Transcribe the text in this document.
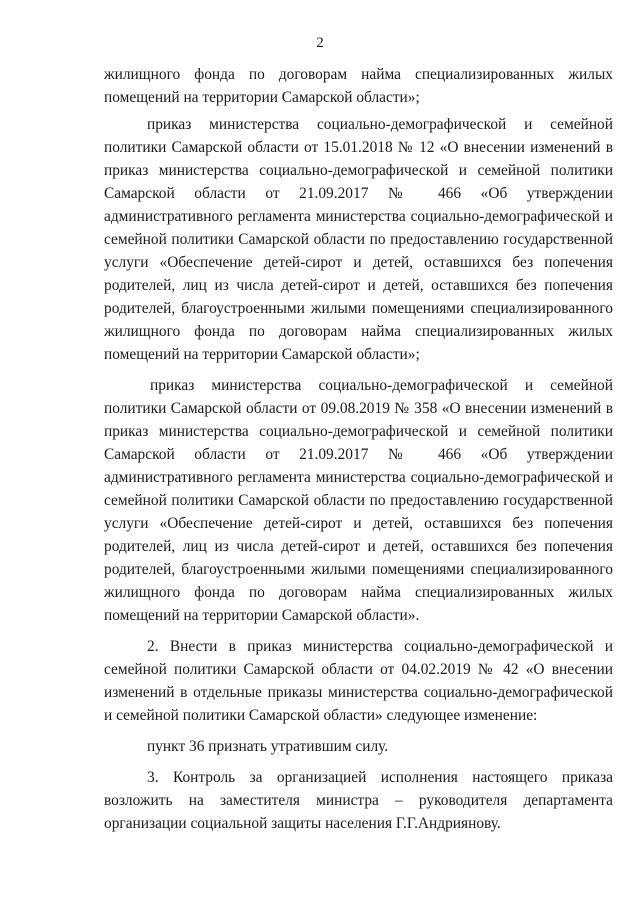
2

жилищного фонда по договорам найма специализированных жилых помещений на территории Самарской области»;

приказ министерства социально-демографической и семейной политики Самарской области от 15.01.2018 № 12 «О внесении изменений в приказ министерства социально-демографической и семейной политики Самарской области от 21.09.2017 № 466 «Об утверждении административного регламента министерства социально-демографической и семейной политики Самарской области по предоставлению государственной услуги «Обеспечение детей-сирот и детей, оставшихся без попечения родителей, лиц из числа детей-сирот и детей, оставшихся без попечения родителей, благоустроенными жилыми помещениями специализированного жилищного фонда по договорам найма специализированных жилых помещений на территории Самарской области»;

приказ министерства социально-демографической и семейной политики Самарской области от 09.08.2019 № 358 «О внесении изменений в приказ министерства социально-демографической и семейной политики Самарской области от 21.09.2017 № 466 «Об утверждении административного регламента министерства социально-демографической и семейной политики Самарской области по предоставлению государственной услуги «Обеспечение детей-сирот и детей, оставшихся без попечения родителей, лиц из числа детей-сирот и детей, оставшихся без попечения родителей, благоустроенными жилыми помещениями специализированного жилищного фонда по договорам найма специализированных жилых помещений на территории Самарской области».

2. Внести в приказ министерства социально-демографической и семейной политики Самарской области от 04.02.2019 № 42 «О внесении изменений в отдельные приказы министерства социально-демографической и семейной политики Самарской области» следующее изменение:

пункт 36 признать утратившим силу.

3. Контроль за организацией исполнения настоящего приказа возложить на заместителя министра – руководителя департамента организации социальной защиты населения Г.Г.Андриянову.
